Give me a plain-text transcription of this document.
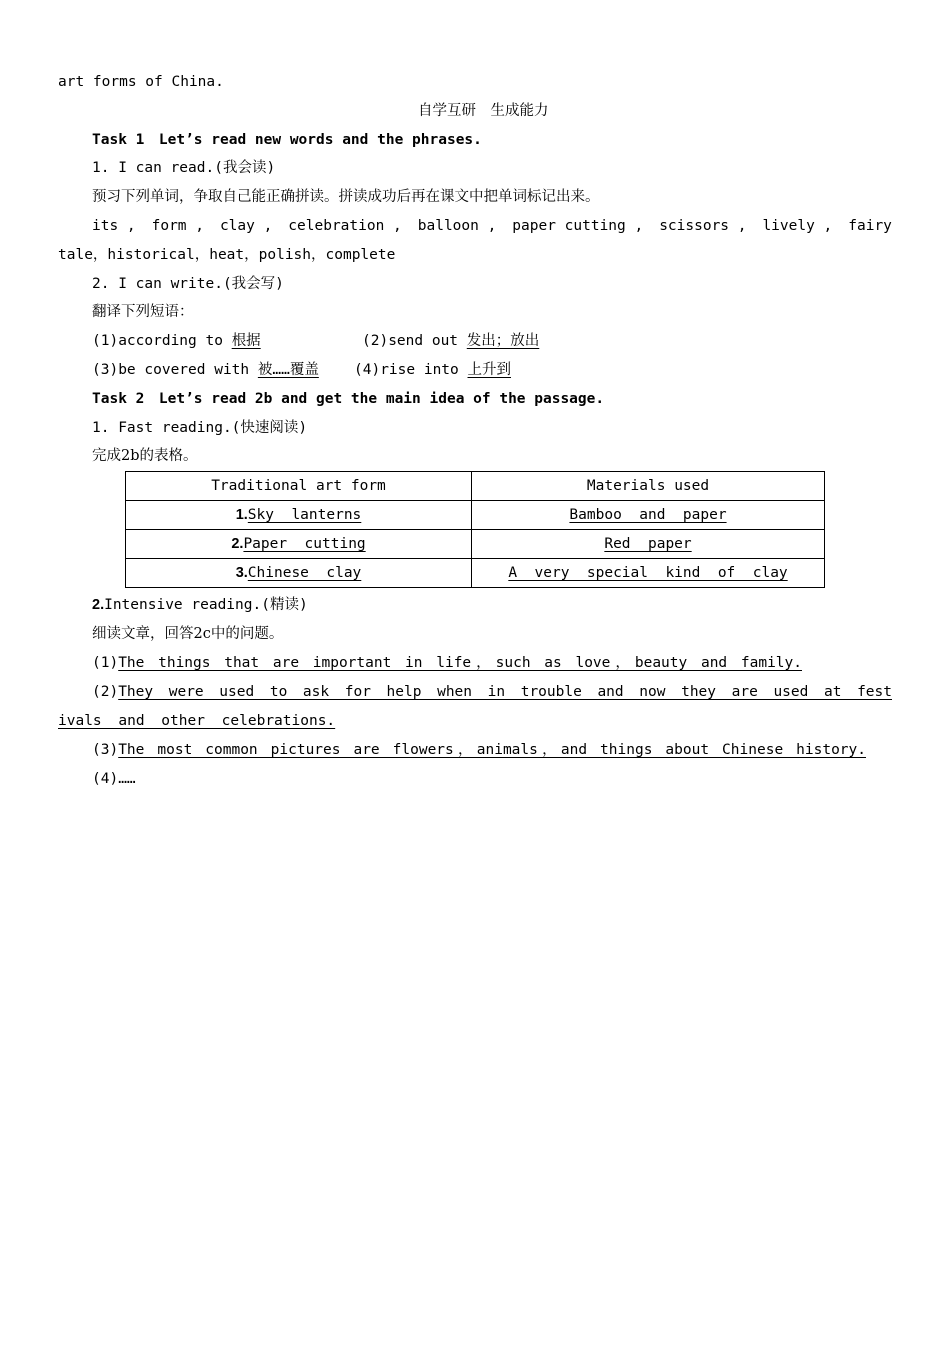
art forms of China.
自学互研　生成能力
Task 1　Let’s read new words and the phrases.
1. I can read.(我会读)
预习下列单词，争取自己能正确拼读。拼读成功后再在课文中把单词标记出来。
its , form , clay , celebration , balloon , paper cutting , scissors , lively , fairy
tale，historical，heat，polish，complete
2. I can write.(我会写)
翻译下列短语：
(1)according to 根据	(2)send out 发出；放出
(3)be covered with 被……覆盖 (4)rise into 上升到
Task 2　Let’s read 2b and get the main idea of the passage.
1. Fast reading.(快速阅读)
完成2b的表格。
Traditional art form	Materials used
1.Sky  lanterns	Bamboo  and  paper
2.Paper  cutting	Red  paper
3.Chinese  clay	A  very  special  kind  of  clay
2.Intensive reading.(精读)
细读文章，回答2c中的问题。
(1) The things that are important in life，such as love，beauty and family.
(2) They were used to ask for help when in trouble and now they are used at fest
ivals and other celebrations.
(3) The most common pictures are flowers，animals，and things about Chinese history.
(4)……
